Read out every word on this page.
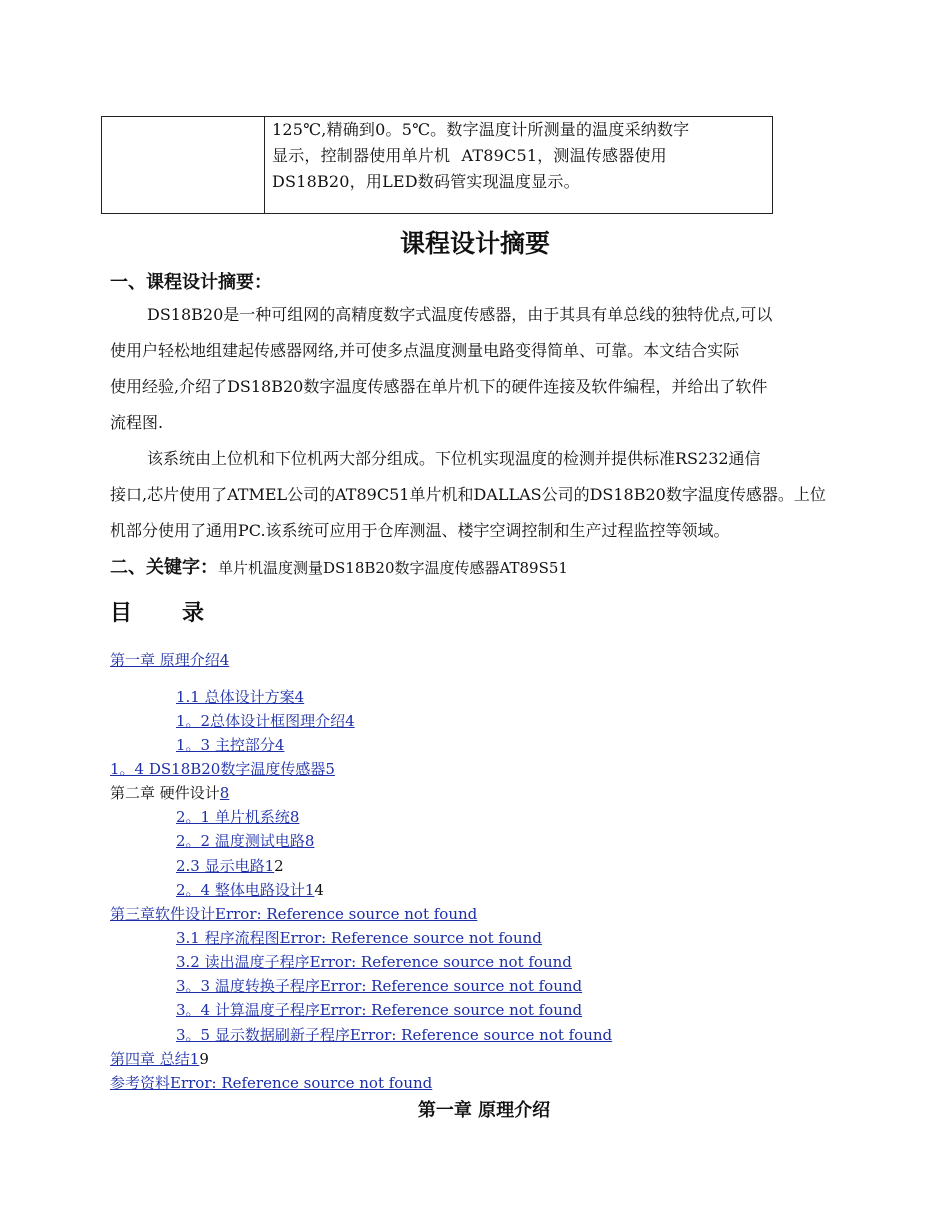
125℃,精确到0。5℃。数字温度计所测量的温度采纳数字
显示，控制器使用单片机 AT89C51，测温传感器使用
DS18B20，用LED数码管实现温度显示。
课程设计摘要
一、课程设计摘要：
DS18B20是一种可组网的高精度数字式温度传感器，由于其具有单总线的独特优点,可以
使用户轻松地组建起传感器网络,并可使多点温度测量电路变得简单、可靠。本文结合实际
使用经验,介绍了DS18B20数字温度传感器在单片机下的硬件连接及软件编程，并给出了软件
流程图.
该系统由上位机和下位机两大部分组成。下位机实现温度的检测并提供标准RS232通信
接口,芯片使用了ATMEL公司的AT89C51单片机和DALLAS公司的DS18B20数字温度传感器。上位
机部分使用了通用PC.该系统可应用于仓库测温、楼宇空调控制和生产过程监控等领域。
二、关键字：单片机温度测量DS18B20数字温度传感器AT89S51
目 录
第一章 原理介绍4
1.1 总体设计方案4
1。2总体设计框图理介绍4
1。3 主控部分4
1。4 DS18B20数字温度传感器5
第二章 硬件设计8
2。1 单片机系统8
2。2 温度测试电路8
2.3 显示电路12
2。4 整体电路设计14
第三章软件设计Error: Reference source not found
3.1 程序流程图Error: Reference source not found
3.2 读出温度子程序Error: Reference source not found
3。3 温度转换子程序Error: Reference source not found
3。4 计算温度子程序Error: Reference source not found
3。5 显示数据刷新子程序Error: Reference source not found
第四章 总结19
参考资料Error: Reference source not found
第一章 原理介绍
